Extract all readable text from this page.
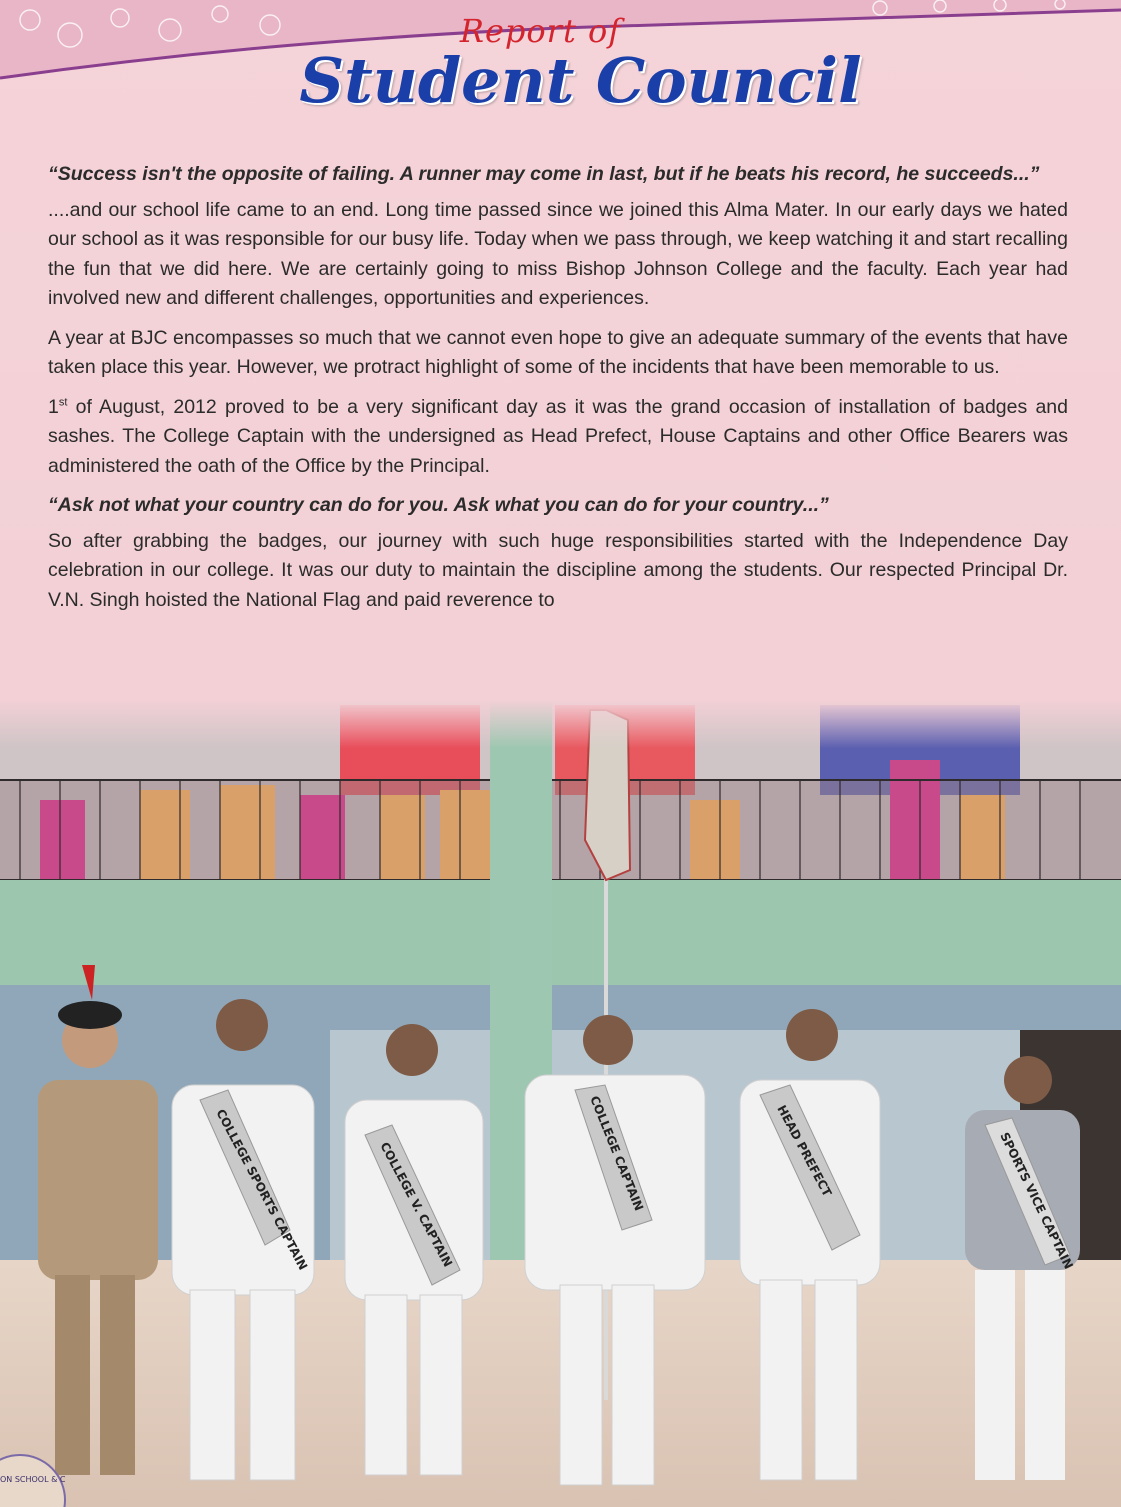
Report of
Student Council

“Success isn't the opposite of failing. A runner may come in last, but if he beats his record, he succeeds...”

....and our school life came to an end. Long time passed since we joined this Alma Mater. In our early days we hated our school as it was responsible for our busy life. Today when we pass through, we keep watching it and start recalling the fun that we did here. We are certainly going to miss Bishop Johnson College and the faculty. Each year had involved new and different challenges, opportunities and experiences.

A year at BJC encompasses so much that we cannot even hope to give an adequate summary of the events that have taken place this year. However, we protract highlight of some of the incidents that have been memorable to us.

1st of August, 2012 proved to be a very significant day as it was the grand occasion of installation of badges and sashes. The College Captain with the undersigned as Head Prefect, House Captains and other Office Bearers was administered the oath of the Office by the Principal.

“Ask not what your country can do for you. Ask what you can do for your country...”

So after grabbing the badges, our journey with such huge responsibilities started with the Independence Day celebration in our college. It was our duty to maintain the discipline among the students. Our respected Principal Dr. V.N. Singh hoisted the National Flag and paid reverence to
